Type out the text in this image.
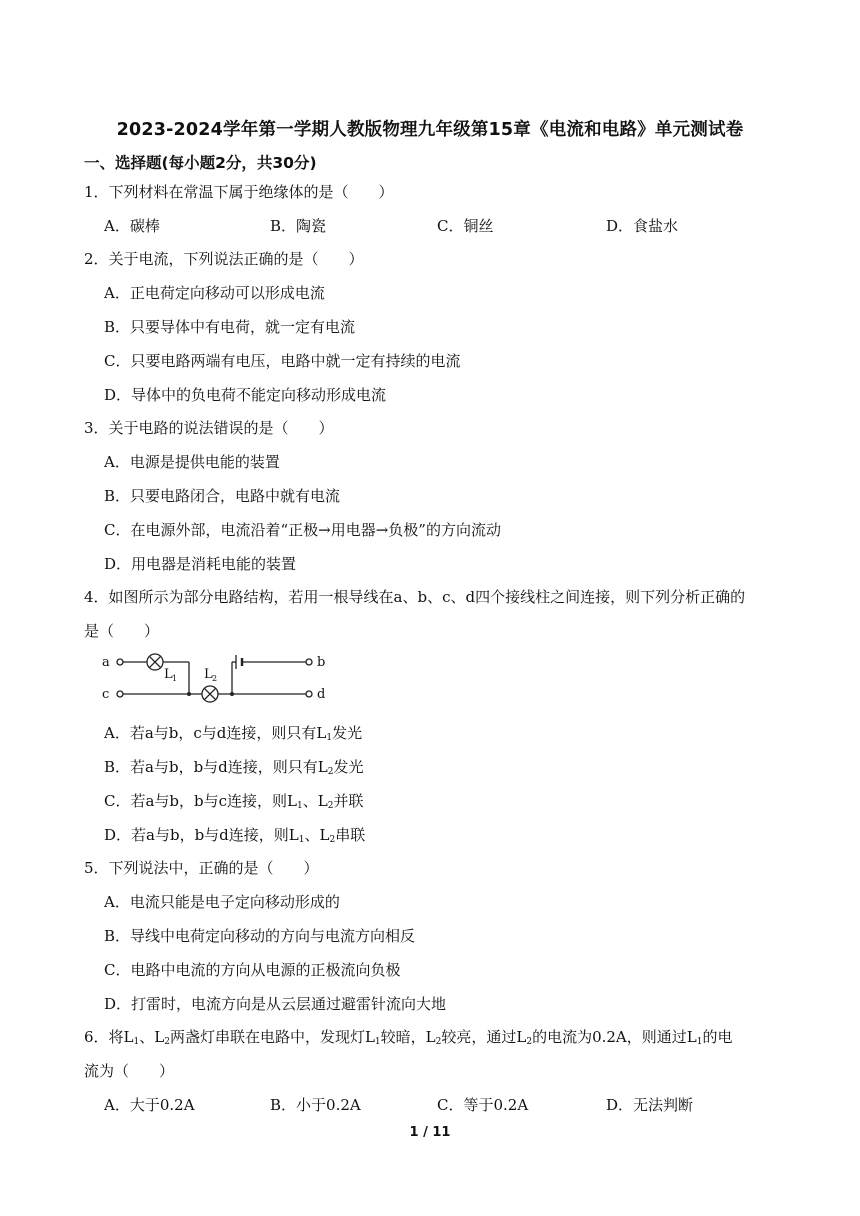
2023-2024学年第一学期人教版物理九年级第15章《电流和电路》单元测试卷
一、选择题(每小题2分，共30分)
1．下列材料在常温下属于绝缘体的是（　　）
A．碳棒	B．陶瓷	C．铜丝	D．食盐水
2．关于电流，下列说法正确的是（　　）
A．正电荷定向移动可以形成电流
B．只要导体中有电荷，就一定有电流
C．只要电路两端有电压，电路中就一定有持续的电流
D．导体中的负电荷不能定向移动形成电流
3．关于电路的说法错误的是（　　）
A．电源是提供电能的装置
B．只要电路闭合，电路中就有电流
C．在电源外部，电流沿着“正极→用电器→负极”的方向流动
D．用电器是消耗电能的装置
4．如图所示为部分电路结构，若用一根导线在a、b、c、d四个接线柱之间连接，则下列分析正确的
是（　　）
a
c
b
d
L 1 L 2
A．若a与b，c与d连接，则只有$L_1$发光
B．若a与b，b与d连接，则只有$L_2$发光
C．若a与b，b与c连接，则$L_1$、$L_2$并联
D．若a与b，b与d连接，则$L_1$、$L_2$串联
5．下列说法中，正确的是（　　）
A．电流只能是电子定向移动形成的
B．导线中电荷定向移动的方向与电流方向相反
C．电路中电流的方向从电源的正极流向负极
D．打雷时，电流方向是从云层通过避雷针流向大地
6．将$L_1$、$L_2$两盏灯串联在电路中，发现灯$L_1$较暗，$L_2$较亮，通过$L_2$的电流为0.2A，则通过$L_1$的电
流为（　　）
A．大于0.2A	B．小于0.2A	C．等于0.2A	D．无法判断
1 / 11
